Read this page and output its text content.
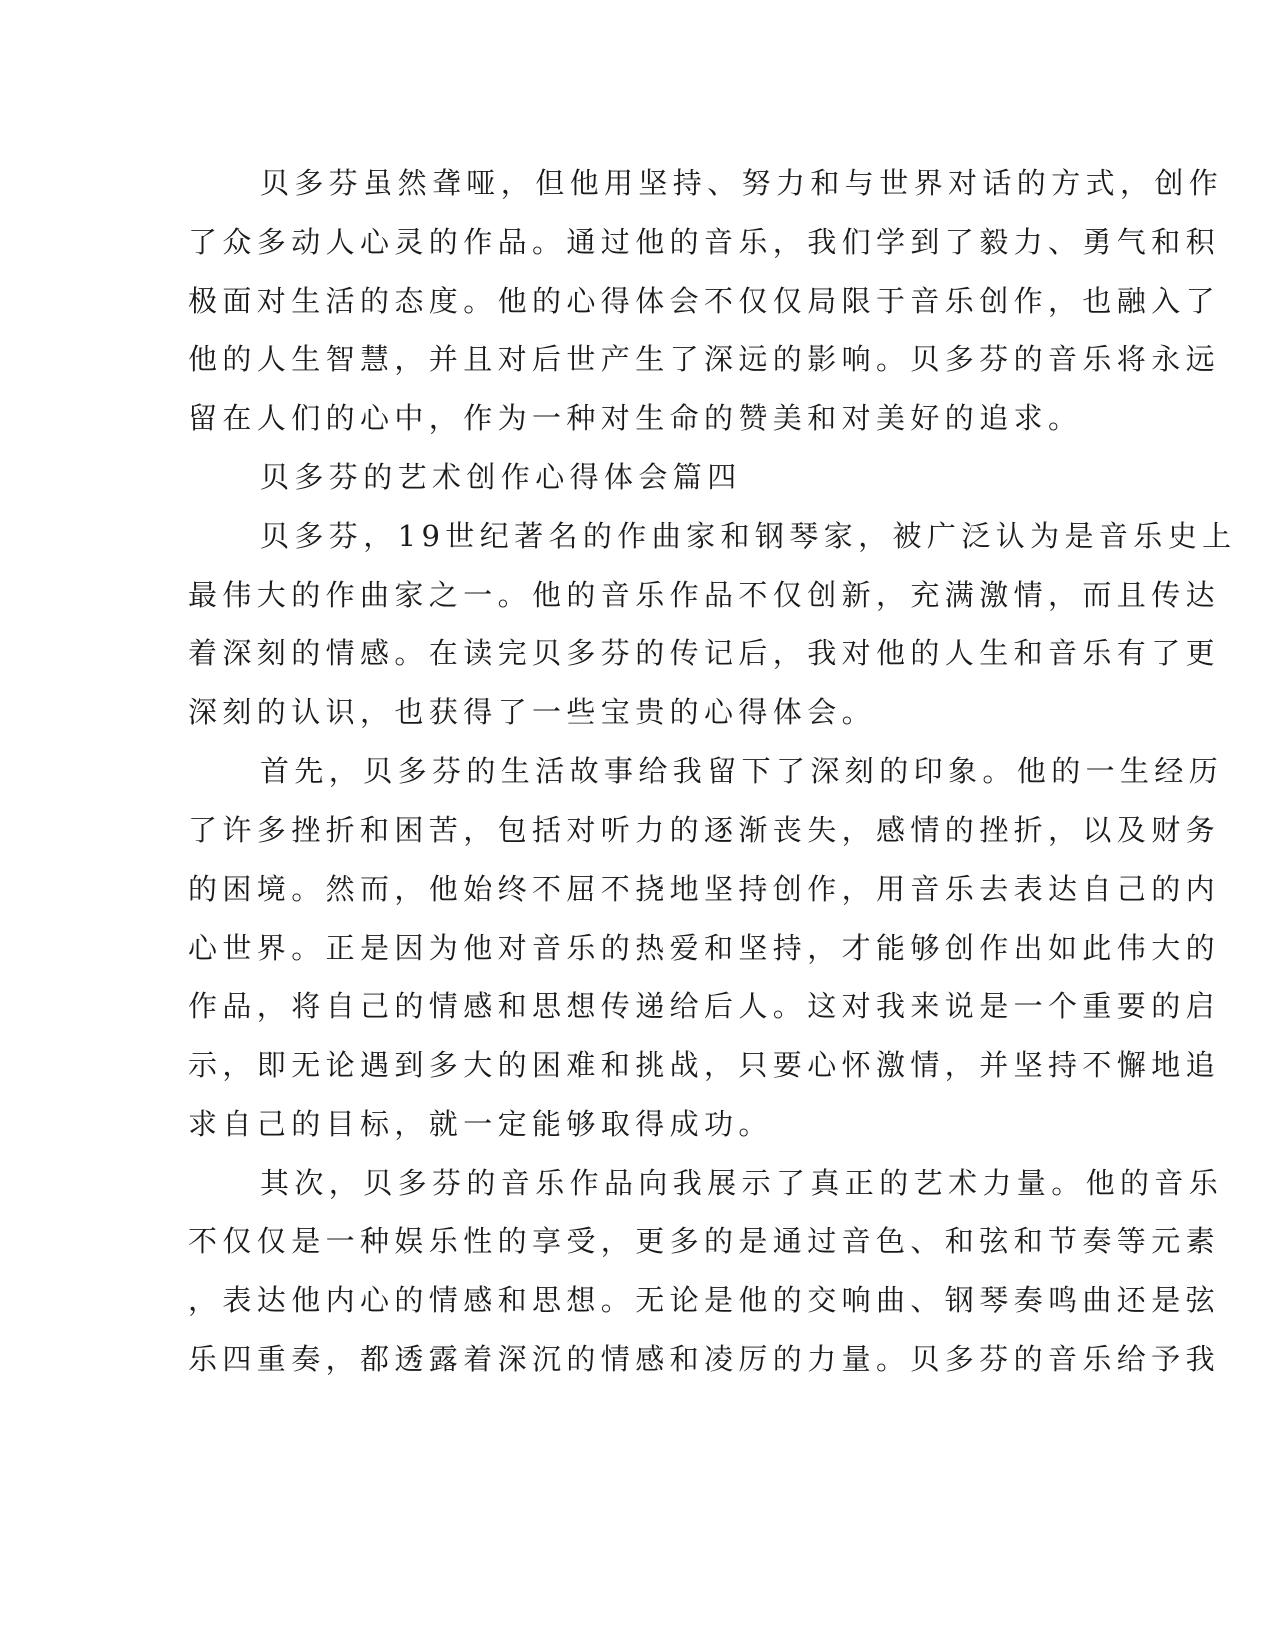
贝多芬虽然聋哑，但他用坚持、努力和与世界对话的方式，创作
了众多动人心灵的作品。通过他的音乐，我们学到了毅力、勇气和积
极面对生活的态度。他的心得体会不仅仅局限于音乐创作，也融入了
他的人生智慧，并且对后世产生了深远的影响。贝多芬的音乐将永远
留在人们的心中，作为一种对生命的赞美和对美好的追求。
贝多芬的艺术创作心得体会篇四
贝多芬，19世纪著名的作曲家和钢琴家，被广泛认为是音乐史上
最伟大的作曲家之一。他的音乐作品不仅创新，充满激情，而且传达
着深刻的情感。在读完贝多芬的传记后，我对他的人生和音乐有了更
深刻的认识，也获得了一些宝贵的心得体会。
首先，贝多芬的生活故事给我留下了深刻的印象。他的一生经历
了许多挫折和困苦，包括对听力的逐渐丧失，感情的挫折，以及财务
的困境。然而，他始终不屈不挠地坚持创作，用音乐去表达自己的内
心世界。正是因为他对音乐的热爱和坚持，才能够创作出如此伟大的
作品，将自己的情感和思想传递给后人。这对我来说是一个重要的启
示，即无论遇到多大的困难和挑战，只要心怀激情，并坚持不懈地追
求自己的目标，就一定能够取得成功。
其次，贝多芬的音乐作品向我展示了真正的艺术力量。他的音乐
不仅仅是一种娱乐性的享受，更多的是通过音色、和弦和节奏等元素
，表达他内心的情感和思想。无论是他的交响曲、钢琴奏鸣曲还是弦
乐四重奏，都透露着深沉的情感和凌厉的力量。贝多芬的音乐给予我
